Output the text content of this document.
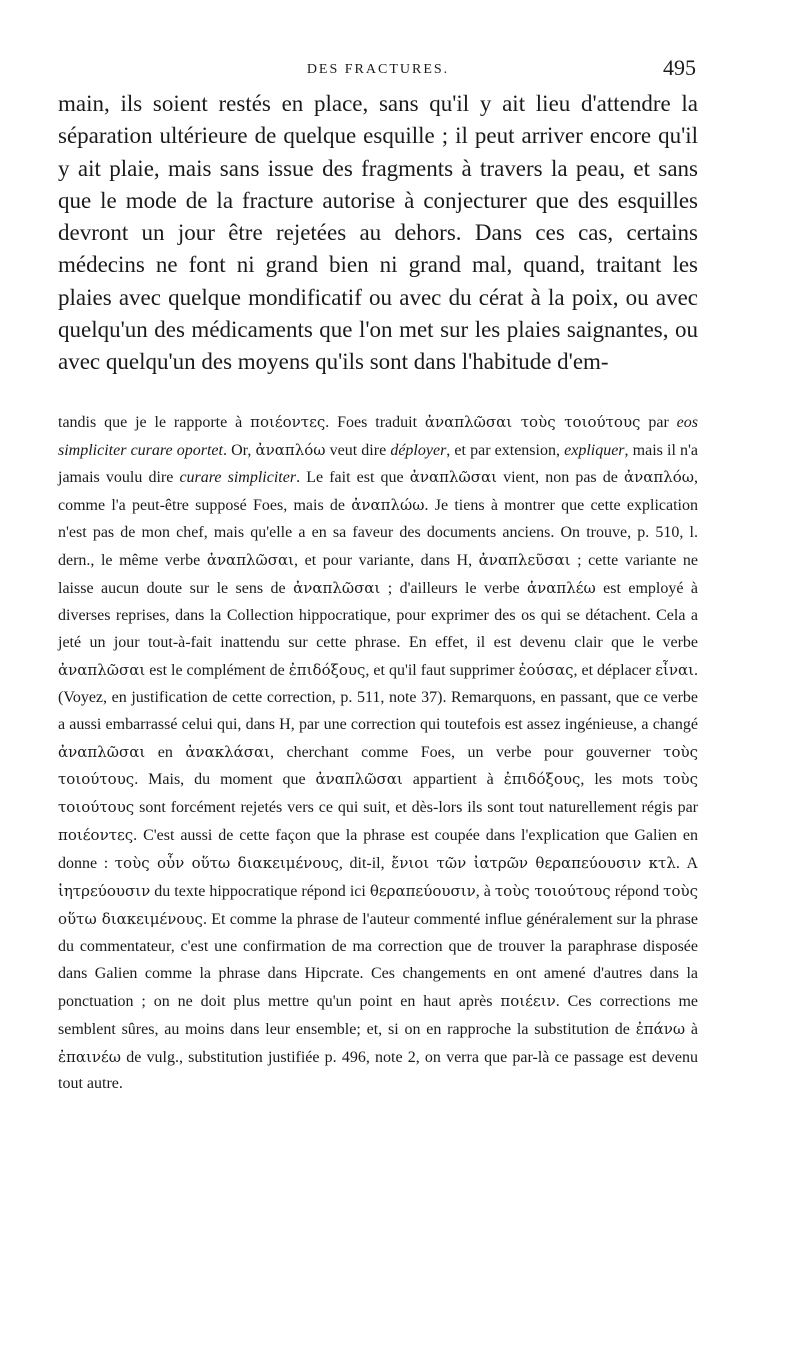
DES FRACTURES.	495

main, ils soient restés en place, sans qu'il y ait lieu d'attendre la séparation ultérieure de quelque esquille ; il peut arriver encore qu'il y ait plaie, mais sans issue des fragments à travers la peau, et sans que le mode de la fracture autorise à conjecturer que des esquilles devront un jour être rejetées au dehors. Dans ces cas, certains médecins ne font ni grand bien ni grand mal, quand, traitant les plaies avec quelque mondificatif ou avec du cérat à la poix, ou avec quelqu'un des médicaments que l'on met sur les plaies saignantes, ou avec quelqu'un des moyens qu'ils sont dans l'habitude d'em-

tandis que je le rapporte à ποιέοντες. Foes traduit ἀναπλῶσαι τοὺς τοιούτους par eos simpliciter curare oportet. Or, ἀναπλόω veut dire déployer, et par extension, expliquer, mais il n'a jamais voulu dire curare simpliciter. Le fait est que ἀναπλῶσαι vient, non pas de ἀναπλόω, comme l'a peut-être supposé Foes, mais de ἀναπλώω. Je tiens à montrer que cette explication n'est pas de mon chef, mais qu'elle a en sa faveur des documents anciens. On trouve, p. 510, l. dern., le même verbe ἀναπλῶσαι, et pour variante, dans H, ἀναπλεῦσαι ; cette variante ne laisse aucun doute sur le sens de ἀναπλῶσαι ; d'ailleurs le verbe ἀναπλέω est employé à diverses reprises, dans la Collection hippocratique, pour exprimer des os qui se détachent. Cela a jeté un jour tout-à-fait inattendu sur cette phrase. En effet, il est devenu clair que le verbe ἀναπλῶσαι est le complément de ἐπιδόξους, et qu'il faut supprimer ἐούσας, et déplacer εἶναι. (Voyez, en justification de cette correction, p. 511, note 37). Remarquons, en passant, que ce verbe a aussi embarrassé celui qui, dans H, par une correction qui toutefois est assez ingénieuse, a changé ἀναπλῶσαι en ἀνακλάσαι, cherchant comme Foes, un verbe pour gouverner τοὺς τοιούτους. Mais, du moment que ἀναπλῶσαι appartient à ἐπιδόξους, les mots τοὺς τοιούτους sont forcément rejetés vers ce qui suit, et dès-lors ils sont tout naturellement régis par ποιέοντες. C'est aussi de cette façon que la phrase est coupée dans l'explication que Galien en donne : τοὺς οὖν οὕτω διακειμένους, dit-il, ἔνιοι τῶν ἰατρῶν θεραπεύουσιν κτλ. A ἰητρεύουσιν du texte hippocratique répond ici θεραπεύουσιν, à τοὺς τοιούτους répond τοὺς οὕτω διακειμένους. Et comme la phrase de l'auteur commenté influe généralement sur la phrase du commentateur, c'est une confirmation de ma correction que de trouver la paraphrase disposée dans Galien comme la phrase dans Hipcrate. Ces changements en ont amené d'autres dans la ponctuation ; on ne doit plus mettre qu'un point en haut après ποιέειν. Ces corrections me semblent sûres, au moins dans leur ensemble; et, si on en rapproche la substitution de ἐπάνω à ἐπαινέω de vulg., substitution justifiée p. 496, note 2, on verra que par-là ce passage est devenu tout autre.
